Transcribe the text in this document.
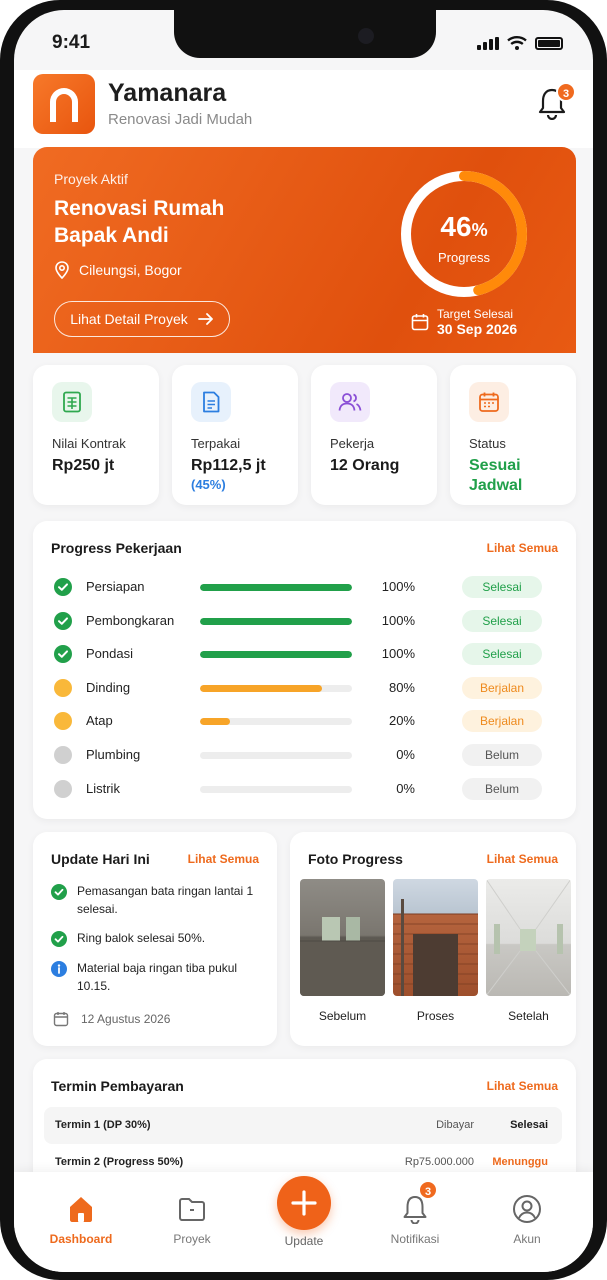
9:41
Yamanara
Renovasi Jadi Mudah
3
Proyek Aktif
Renovasi Rumah Bapak Andi
Cileungsi, Bogor
Lihat Detail Proyek
46%
Progress
Target Selesai
30 Sep 2026
Nilai Kontrak
Rp250 jt
Terpakai
Rp112,5 jt
(45%)
Pekerja
12 Orang
Status
Sesuai
Jadwal
Progress Pekerjaan	Lihat Semua
Persiapan	100%	Selesai
Pembongkaran	100%	Selesai
Pondasi	100%	Selesai
Dinding	80%	Berjalan
Atap	20%	Berjalan
Plumbing	0%	Belum
Listrik	0%	Belum
Update Hari Ini	Lihat Semua
Pemasangan bata ringan lantai 1 selesai.
Ring balok selesai 50%.
Material baja ringan tiba pukul 10.15.
12 Agustus 2026
Foto Progress	Lihat Semua
Sebelum	Proses	Setelah
Termin Pembayaran	Lihat Semua
Termin 1 (DP 30%)	Dibayar	Selesai
Termin 2 (Progress 50%)	Rp75.000.000 Menunggu
Dashboard	Proyek	Update	Notifikasi
3
Akun
